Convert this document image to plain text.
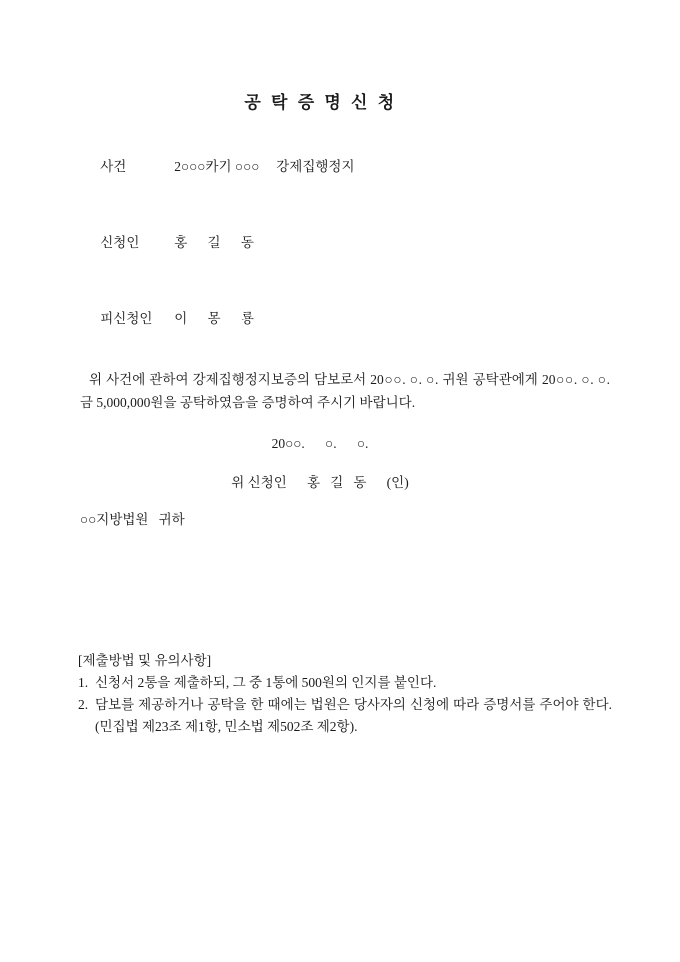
공 탁 증 명 신 청

사건	2○○○카기 ○○○     강제집행정지

신청인	홍      길      동

피신청인 이      몽      룡

위 사건에 관하여 강제집행정지보증의 담보로서 20○○. ○. ○. 귀원 공탁관에게 20○○. ○. ○. 금 5,000,000원을 공탁하였음을 증명하여 주시기 바랍니다.

20○○.      ○.      ○.

위 신청인      홍   길   동      (인)

○○지방법원   귀하

[제출방법 및 유의사항]

1. 신청서 2통을 제출하되, 그 중 1통에 500원의 인지를 붙인다.
2. 담보를 제공하거나 공탁을 한 때에는 법원은 당사자의 신청에 따라 증명서를 주어야 한다.(민집법 제23조 제1항, 민소법 제502조 제2항).
